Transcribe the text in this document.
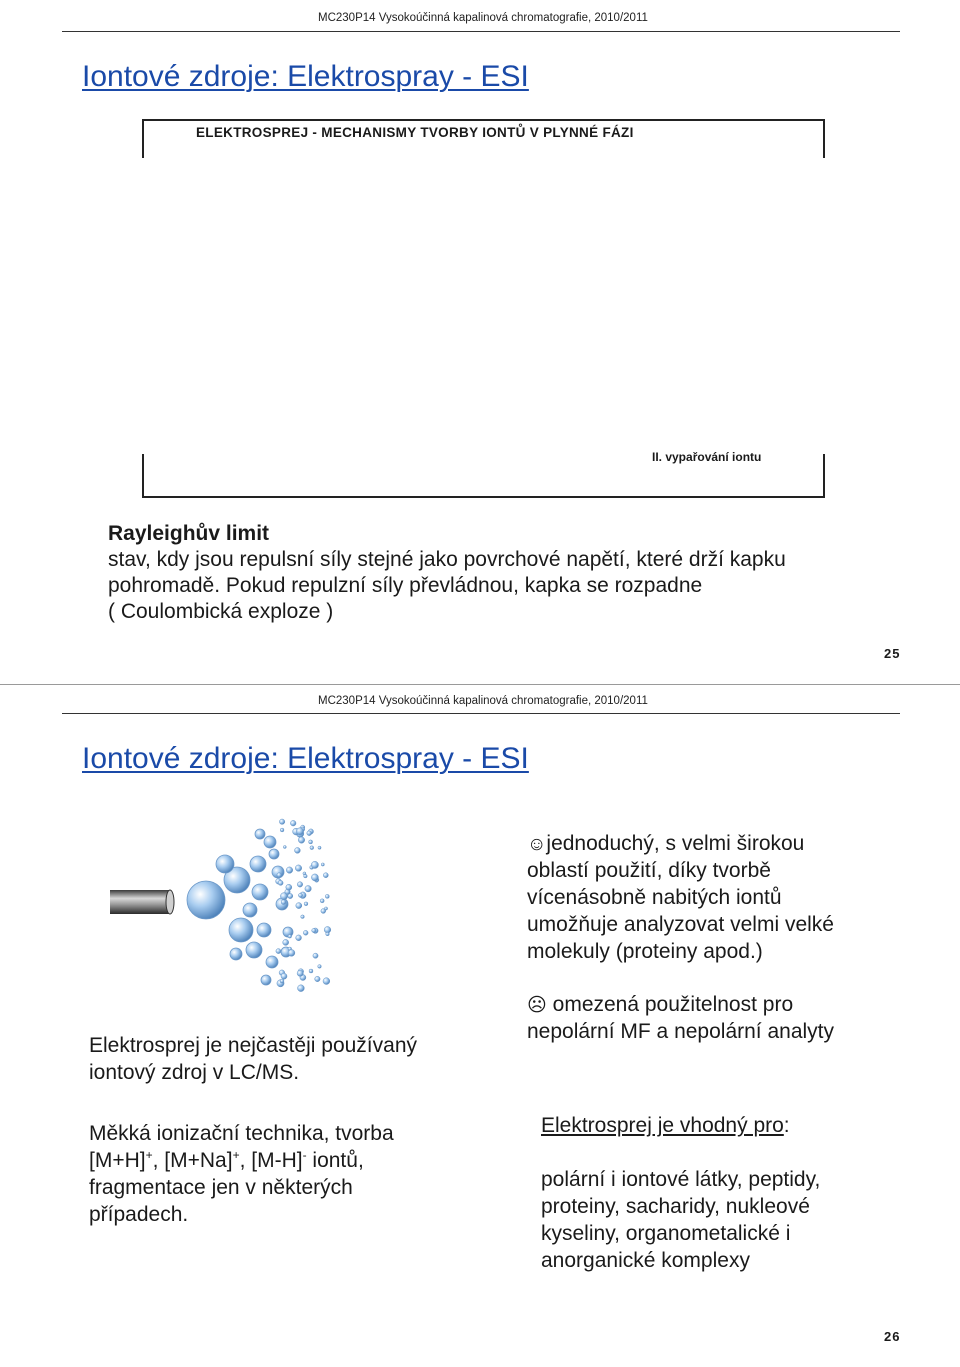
MC230P14 Vysokoúčinná kapalinová chromatografie, 2010/2011
Iontové zdroje: Elektrospray - ESI
ELEKTROSPREJ - MECHANISMY TVORBY IONTŮ V PLYNNÉ FÁZI
II. vypařování iontu
Rayleighův limit
stav, kdy jsou repulsní síly stejné jako povrchové napětí, které drží kapku
pohromadě. Pokud repulzní síly převládnou, kapka se rozpadne
( Coulombická exploze )
25
MC230P14 Vysokoúčinná kapalinová chromatografie, 2010/2011
Iontové zdroje: Elektrospray - ESI
☺jednoduchý, s velmi širokou
oblastí použití, díky tvorbě
vícenásobně nabitých iontů
umožňuje analyzovat velmi velké
molekuly (proteiny apod.)
☹ omezená použitelnost pro
nepolární MF a nepolární analyty
Elektrosprej je nejčastěji používaný
iontový zdroj v LC/MS.
Měkká ionizační technika, tvorba
[M+H]+, [M+Na]+, [M-H]- iontů,
fragmentace jen v některých
případech.
Elektrosprej je vhodný pro:
polární i iontové látky, peptidy,
proteiny, sacharidy, nukleové
kyseliny, organometalické i
anorganické komplexy
26
